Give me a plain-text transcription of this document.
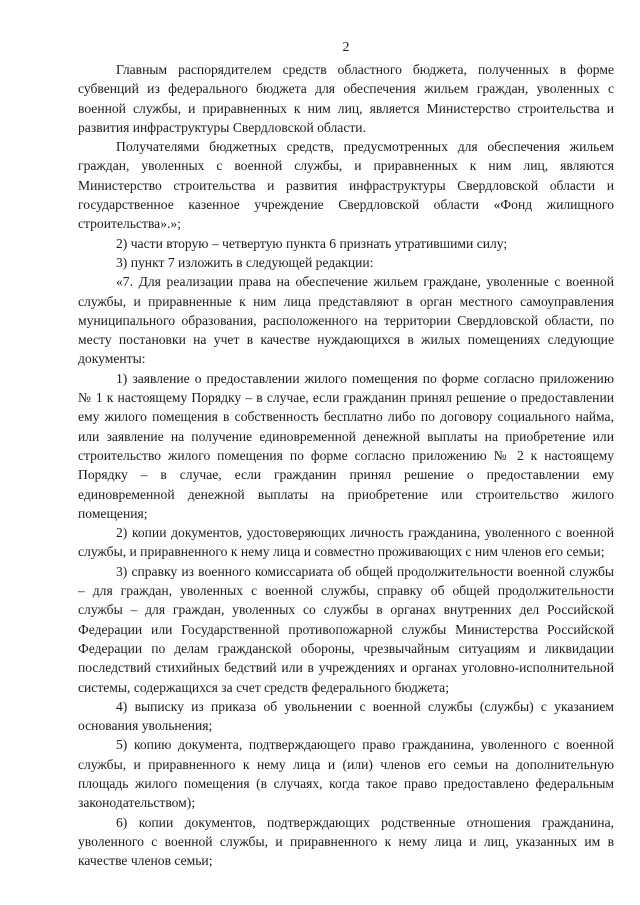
2

Главным распорядителем средств областного бюджета, полученных в форме субвенций из федерального бюджета для обеспечения жильем граждан, уволенных с военной службы, и приравненных к ним лиц, является Министерство строительства и развития инфраструктуры Свердловской области.

Получателями бюджетных средств, предусмотренных для обеспечения жильем граждан, уволенных с военной службы, и приравненных к ним лиц, являются Министерство строительства и развития инфраструктуры Свердловской области и государственное казенное учреждение Свердловской области «Фонд жилищного строительства».»;

2) части вторую – четвертую пункта 6 признать утратившими силу;

3) пункт 7 изложить в следующей редакции:

«7. Для реализации права на обеспечение жильем граждане, уволенные с военной службы, и приравненные к ним лица представляют в орган местного самоуправления муниципального образования, расположенного на территории Свердловской области, по месту постановки на учет в качестве нуждающихся в жилых помещениях следующие документы:

1) заявление о предоставлении жилого помещения по форме согласно приложению № 1 к настоящему Порядку – в случае, если гражданин принял решение о предоставлении ему жилого помещения в собственность бесплатно либо по договору социального найма, или заявление на получение единовременной денежной выплаты на приобретение или строительство жилого помещения по форме согласно приложению № 2 к настоящему Порядку – в случае, если гражданин принял решение о предоставлении ему единовременной денежной выплаты на приобретение или строительство жилого помещения;

2) копии документов, удостоверяющих личность гражданина, уволенного с военной службы, и приравненного к нему лица и совместно проживающих с ним членов его семьи;

3) справку из военного комиссариата об общей продолжительности военной службы – для граждан, уволенных с военной службы, справку об общей продолжительности службы – для граждан, уволенных со службы в органах внутренних дел Российской Федерации или Государственной противопожарной службы Министерства Российской Федерации по делам гражданской обороны, чрезвычайным ситуациям и ликвидации последствий стихийных бедствий или в учреждениях и органах уголовно-исполнительной системы, содержащихся за счет средств федерального бюджета;

4) выписку из приказа об увольнении с военной службы (службы) с указанием основания увольнения;

5) копию документа, подтверждающего право гражданина, уволенного с военной службы, и приравненного к нему лица и (или) членов его семьи на дополнительную площадь жилого помещения (в случаях, когда такое право предоставлено федеральным законодательством);

6) копии документов, подтверждающих родственные отношения гражданина, уволенного с военной службы, и приравненного к нему лица и лиц, указанных им в качестве членов семьи;
